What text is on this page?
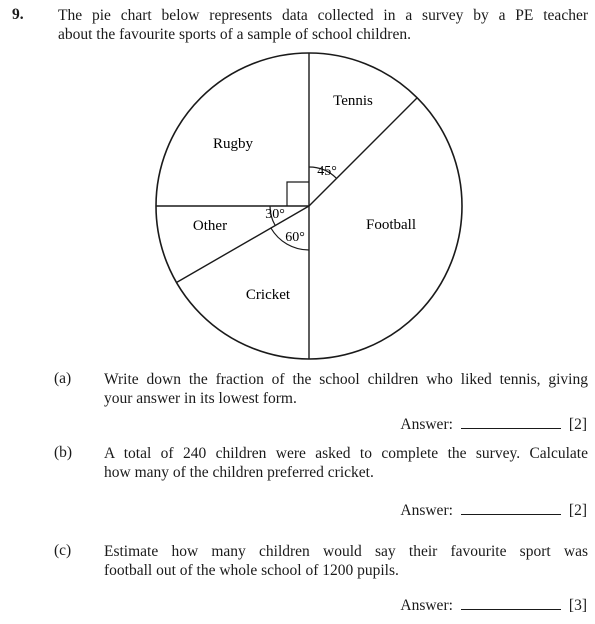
9. The pie chart below represents data collected in a survey by a PE teacher
about the favourite sports of a sample of school children.
Tennis
Football
Cricket
Other
Rugby
45°
30°
60°
(a) Write down the fraction of the school children who liked tennis, giving
your answer in its lowest form.
Answer:	[2]
(b) A total of 240 children were asked to complete the survey. Calculate
how many of the children preferred cricket.
Answer:	[2]
(c) Estimate how many children would say their favourite sport was
football out of the whole school of 1200 pupils.
Answer:	[3]
